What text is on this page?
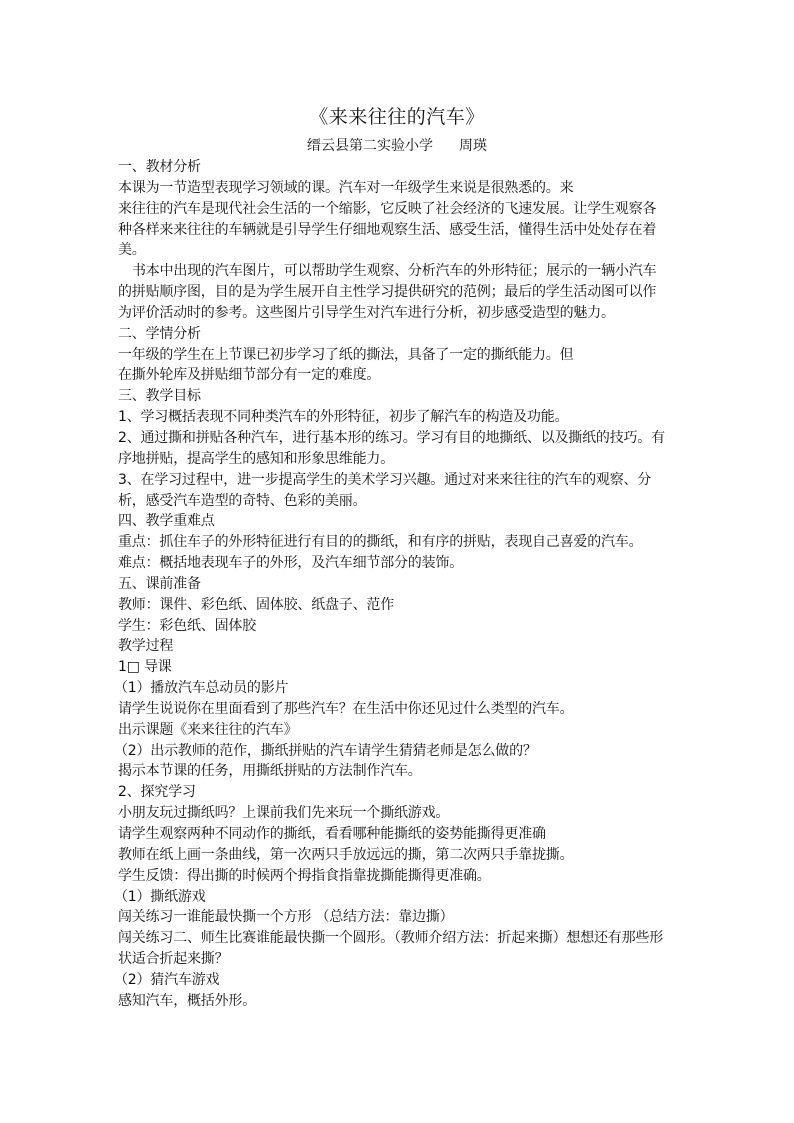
《来来往往的汽车》
缙云县第二实验小学 周瑛
一、教材分析
本课为一节造型表现学习领域的课。汽车对一年级学生来说是很熟悉的。来
来往往的汽车是现代社会生活的一个缩影，它反映了社会经济的飞速发展。让学生观察各
种各样来来往往的车辆就是引导学生仔细地观察生活、感受生活，懂得生活中处处存在着
美。
书本中出现的汽车图片，可以帮助学生观察、分析汽车的外形特征；展示的一辆小汽车
的拼贴顺序图，目的是为学生展开自主性学习提供研究的范例；最后的学生活动图可以作
为评价活动时的参考。这些图片引导学生对汽车进行分析，初步感受造型的魅力。
二、学情分析
一年级的学生在上节课已初步学习了纸的撕法，具备了一定的撕纸能力。但
在撕外轮库及拼贴细节部分有一定的难度。
三、教学目标
1、学习概括表现不同种类汽车的外形特征，初步了解汽车的构造及功能。
2、通过撕和拼贴各种汽车，进行基本形的练习。学习有目的地撕纸、以及撕纸的技巧。有
序地拼贴，提高学生的感知和形象思维能力。
3、在学习过程中，进一步提高学生的美术学习兴趣。通过对来来往往的汽车的观察、分
析，感受汽车造型的奇特、色彩的美丽。
四、教学重难点
重点：抓住车子的外形特征进行有目的的撕纸，和有序的拼贴，表现自己喜爱的汽车。
难点：概括地表现车子的外形，及汽车细节部分的装饰。
五、课前准备
教师：课件、彩色纸、固体胶、纸盘子、范作
学生：彩色纸、固体胶
教学过程
1□ 导课
（1）播放汽车总动员的影片
请学生说说你在里面看到了那些汽车？在生活中你还见过什么类型的汽车。
出示课题《来来往往的汽车》
（2）出示教师的范作，撕纸拼贴的汽车请学生猜猜老师是怎么做的？
揭示本节课的任务，用撕纸拼贴的方法制作汽车。
2、探究学习
小朋友玩过撕纸吗？上课前我们先来玩一个撕纸游戏。
请学生观察两种不同动作的撕纸，看看哪种能撕纸的姿势能撕得更准确
教师在纸上画一条曲线，第一次两只手放远远的撕，第二次两只手靠拢撕。
学生反馈：得出撕的时候两个拇指食指靠拢撕能撕得更准确。
（1）撕纸游戏
闯关练习一谁能最快撕一个方形 （总结方法：靠边撕）
闯关练习二、师生比赛谁能最快撕一个圆形。（教师介绍方法：折起来撕）想想还有那些形
状适合折起来撕？
（2）猜汽车游戏
感知汽车，概括外形。
